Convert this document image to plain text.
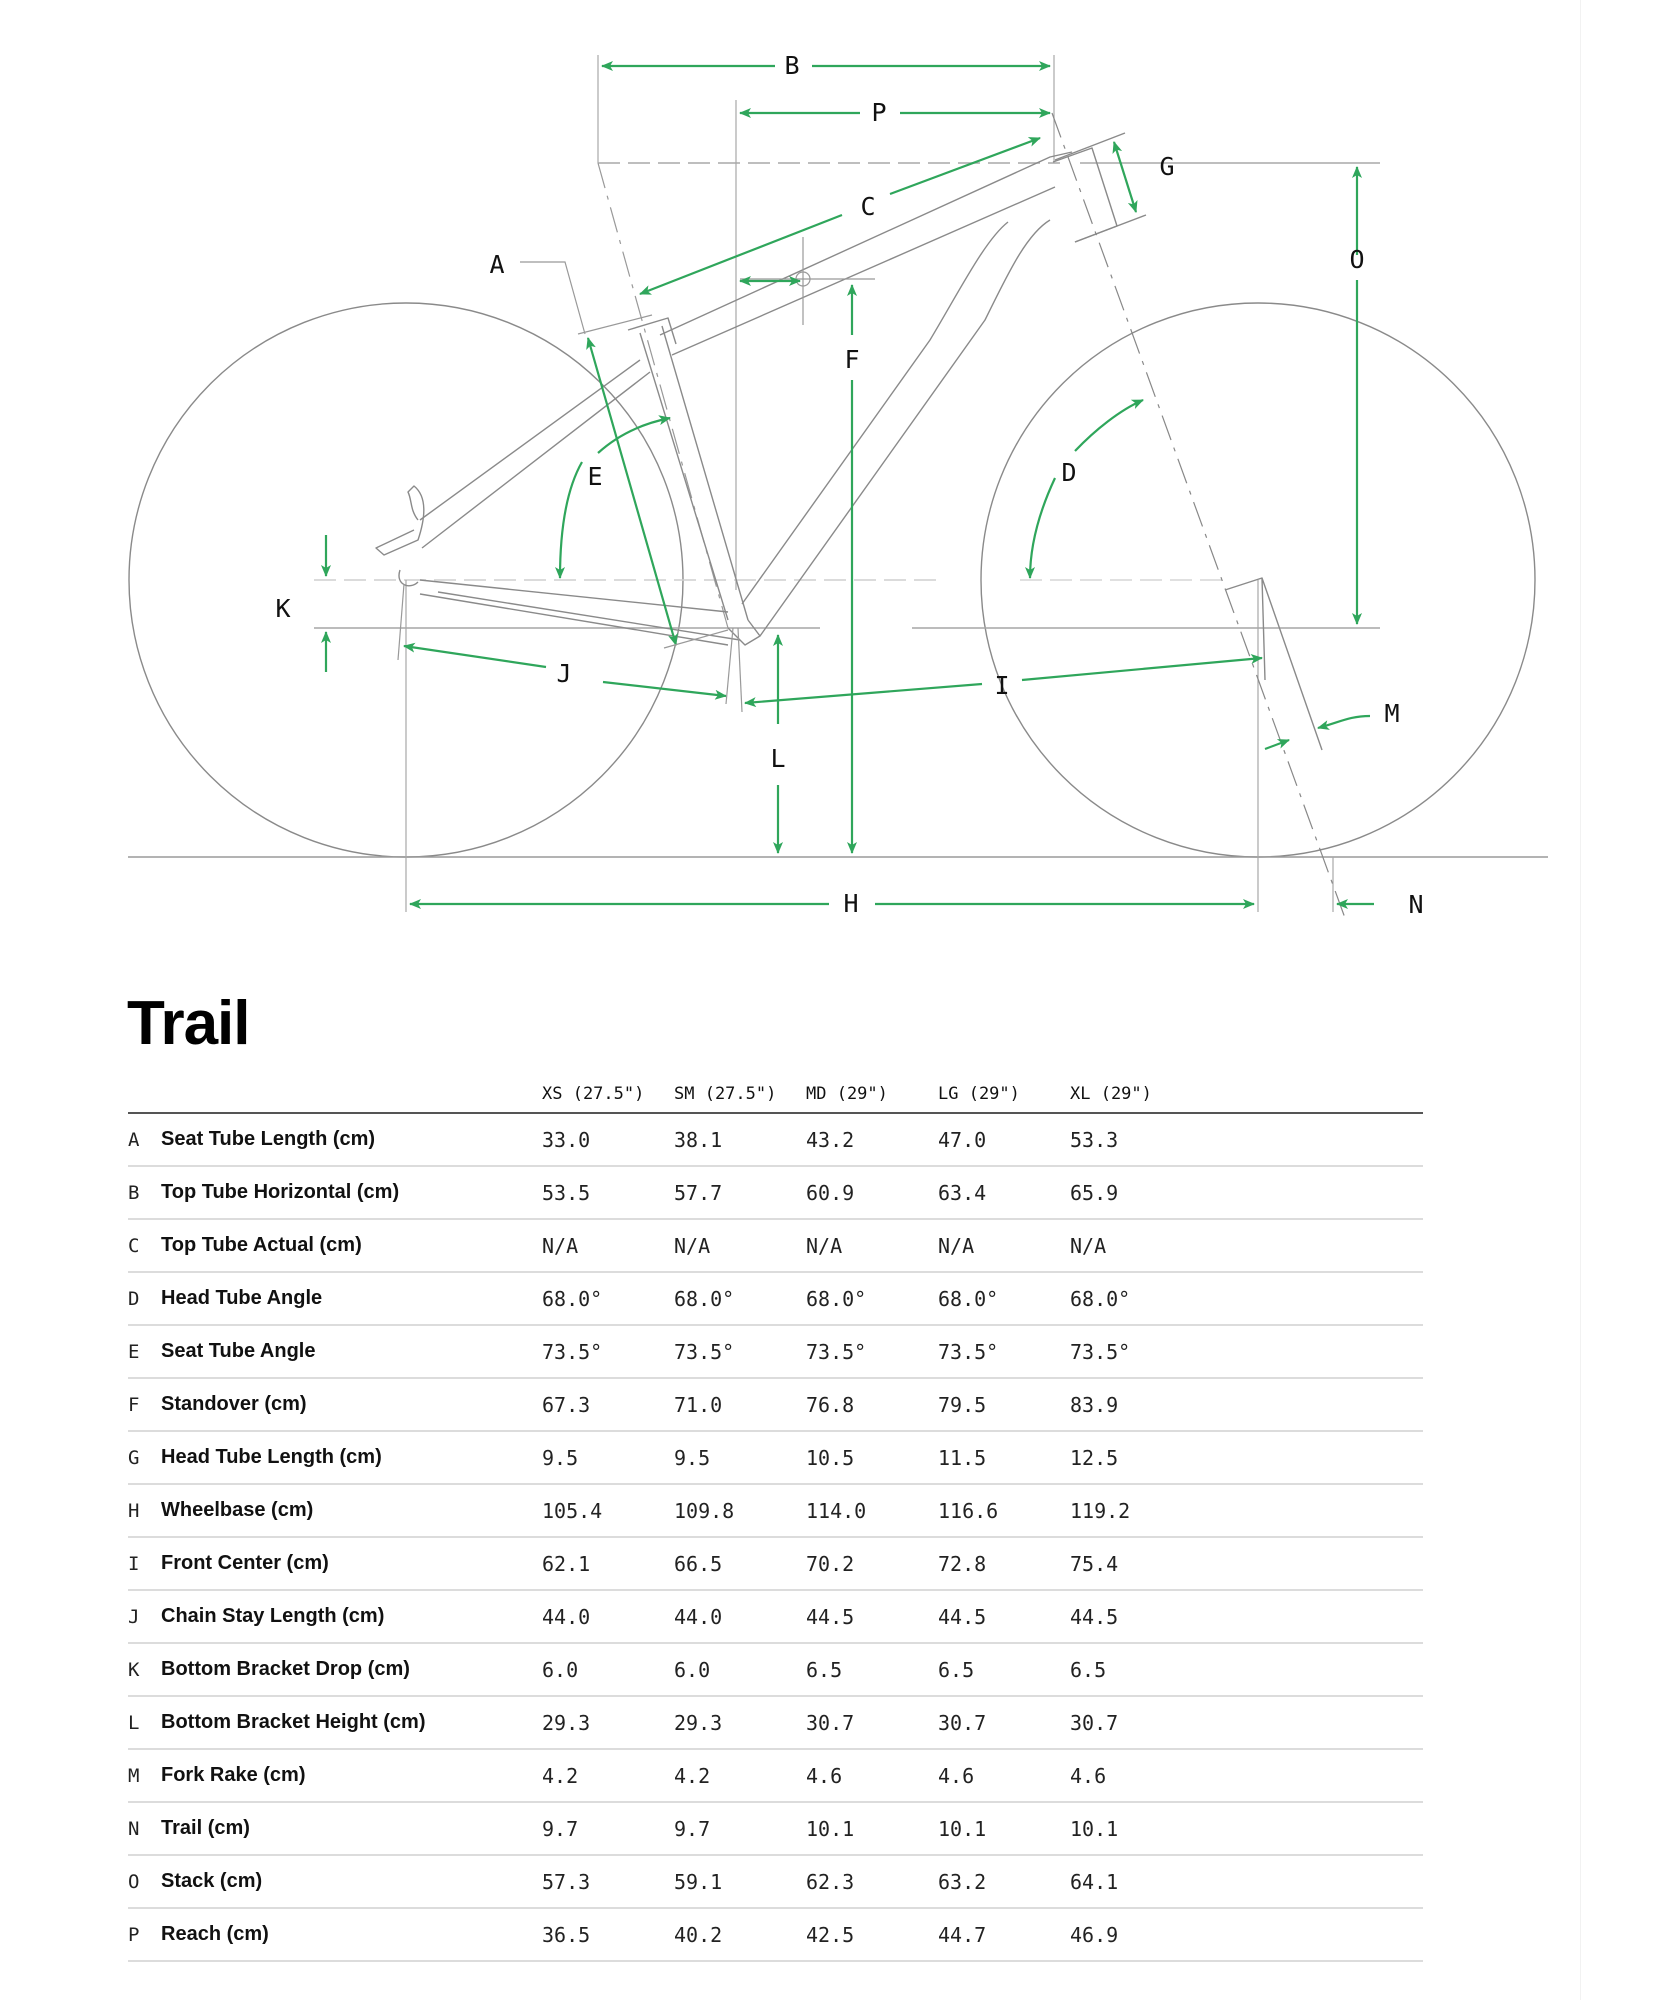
B
P
G
C
A	O
F
E	D
K
J	I
M
L
H	N
Trail
		XS (27.5")	SM (27.5")	MD (29")	LG (29")	XL (29")	
A	Seat Tube Length (cm)	33.0	38.1	43.2	47.0	53.3	
B	Top Tube Horizontal (cm)	53.5	57.7	60.9	63.4	65.9	
C	Top Tube Actual (cm)	N/A	N/A	N/A	N/A	N/A	
D	Head Tube Angle	68.0°	68.0°	68.0°	68.0°	68.0°	
E	Seat Tube Angle	73.5°	73.5°	73.5°	73.5°	73.5°	
F	Standover (cm)	67.3	71.0	76.8	79.5	83.9	
G	Head Tube Length (cm)	9.5	9.5	10.5	11.5	12.5	
H	Wheelbase (cm)	105.4	109.8	114.0	116.6	119.2	
I	Front Center (cm)	62.1	66.5	70.2	72.8	75.4	
J	Chain Stay Length (cm)	44.0	44.0	44.5	44.5	44.5	
K	Bottom Bracket Drop (cm)	6.0	6.0	6.5	6.5	6.5	
L	Bottom Bracket Height (cm)	29.3	29.3	30.7	30.7	30.7	
M	Fork Rake (cm)	4.2	4.2	4.6	4.6	4.6	
N	Trail (cm)	9.7	9.7	10.1	10.1	10.1	
O	Stack (cm)	57.3	59.1	62.3	63.2	64.1	
P	Reach (cm)	36.5	40.2	42.5	44.7	46.9	
